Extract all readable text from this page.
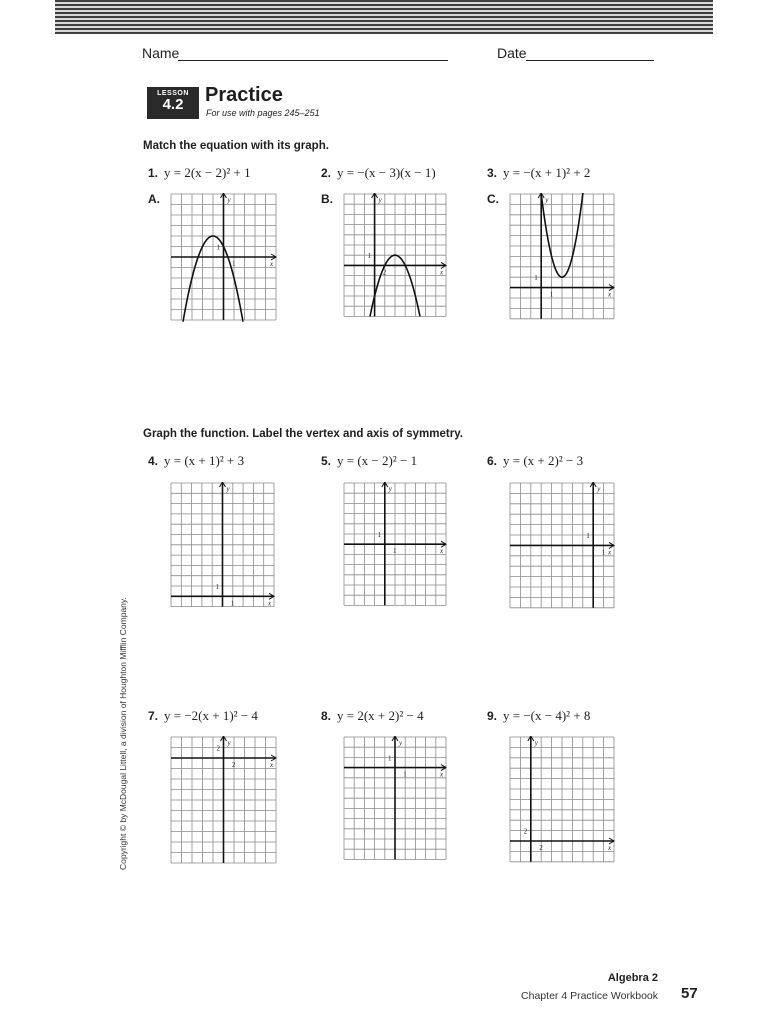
Name	Date
LESSON
4.2	Practice
For use with pages 245–251
Match the equation with its graph.
1. y = 2(x − 2)² + 1	2. y = −(x − 3)(x − 1)	3. y = −(x + 1)² + 2
A.	B.	C.
y
x
1
1
y
x
1
2
y
x
1
1
Graph the function. Label the vertex and axis of symmetry.
4. y = (x + 1)² + 3	5. y = (x − 2)² − 1	6. y = (x + 2)² − 3
y
x
1
1
y
x
1
1
y
x
1
1
7. y = −2(x + 1)² − 4	8. y = 2(x + 2)² − 4	9. y = −(x − 4)² + 8
y
x
2
2
y
x
1
1
y
x
2
2
Copyright © by McDougal Littell, a division of Houghton Mifflin Company.
Algebra 2
Chapter 4 Practice Workbook 57
